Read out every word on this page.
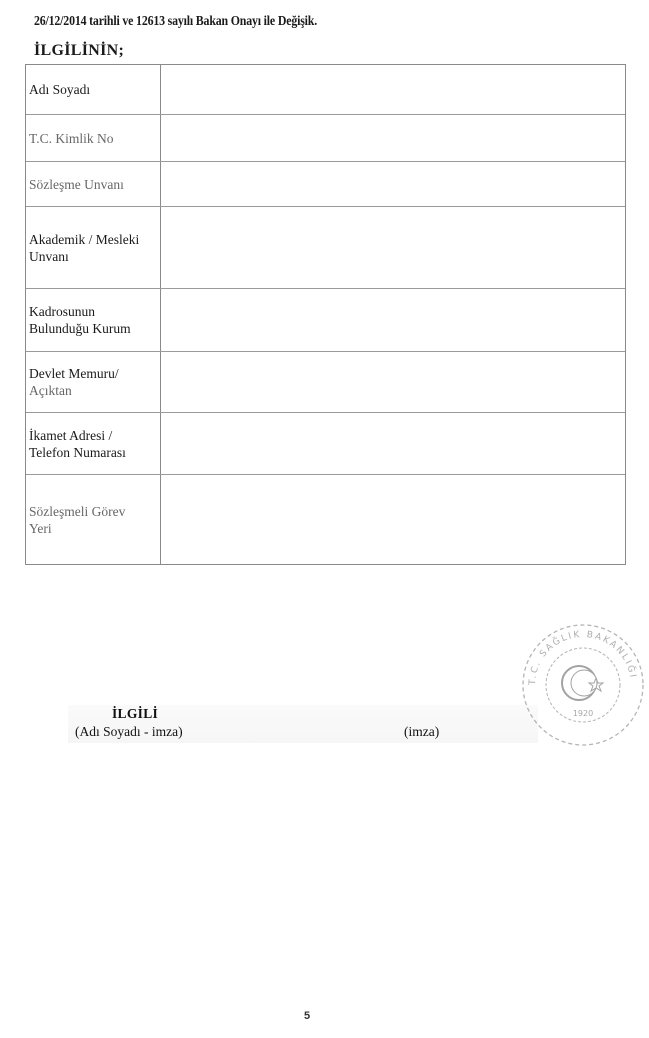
26/12/2014 tarihli ve 12613 sayılı Bakan Onayı ile Değişik.
İLGİLİNİN;
Adı Soyadı
T.C. Kimlik No
Sözleşme Unvanı
Akademik / Mesleki
Unvanı
Kadrosunun
Bulunduğu Kurum
Devlet Memuru/
Açıktan
İkamet Adresi /
Telefon Numarası
Sözleşmeli Görev
Yeri
İLGİLİ
(Adı Soyadı - imza)	(imza)
T.C. SAĞLIK BAKANLIĞI
1920
5
